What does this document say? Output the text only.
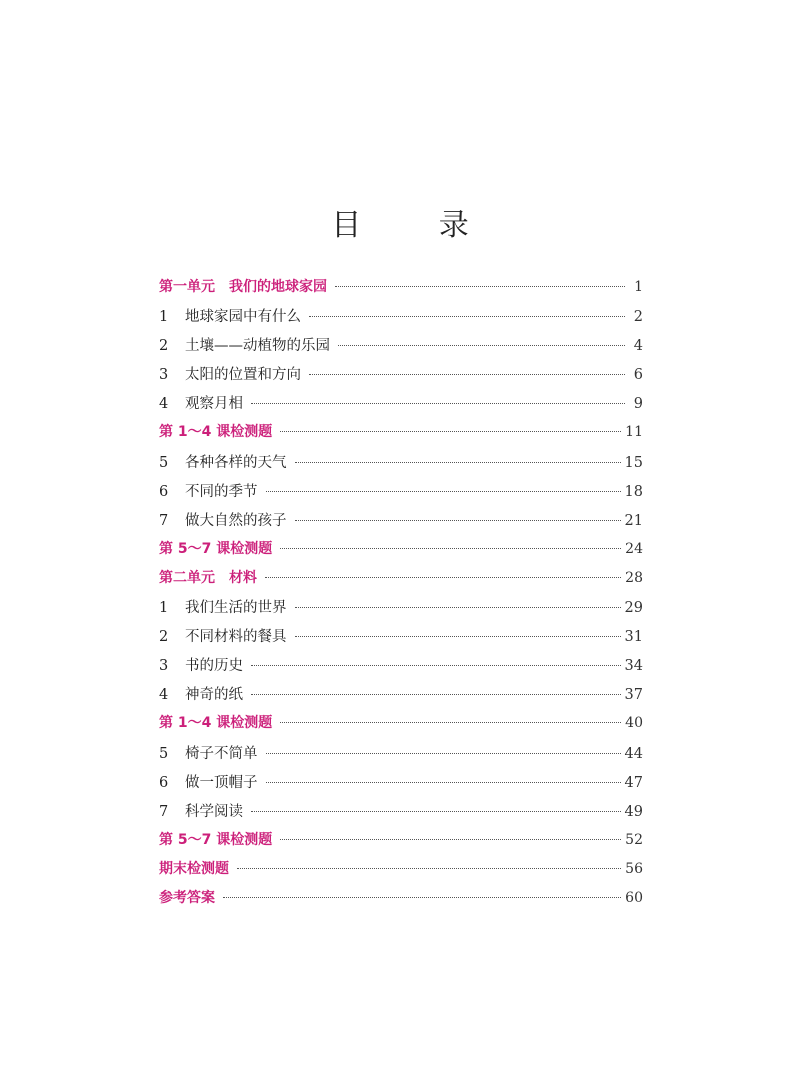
目 录
第一单元　我们的地球家园	1
1	地球家园中有什么	2
2	土壤——动植物的乐园	4
3	太阳的位置和方向	6
4	观察月相	9
第 1～4 课检测题	11
5	各种各样的天气	15
6	不同的季节	18
7	做大自然的孩子	21
第 5～7 课检测题	24
第二单元　材料	28
1	我们生活的世界	29
2	不同材料的餐具	31
3	书的历史	34
4	神奇的纸	37
第 1～4 课检测题	40
5	椅子不简单	44
6	做一顶帽子	47
7	科学阅读	49
第 5～7 课检测题	52
期末检测题	56
参考答案	60
